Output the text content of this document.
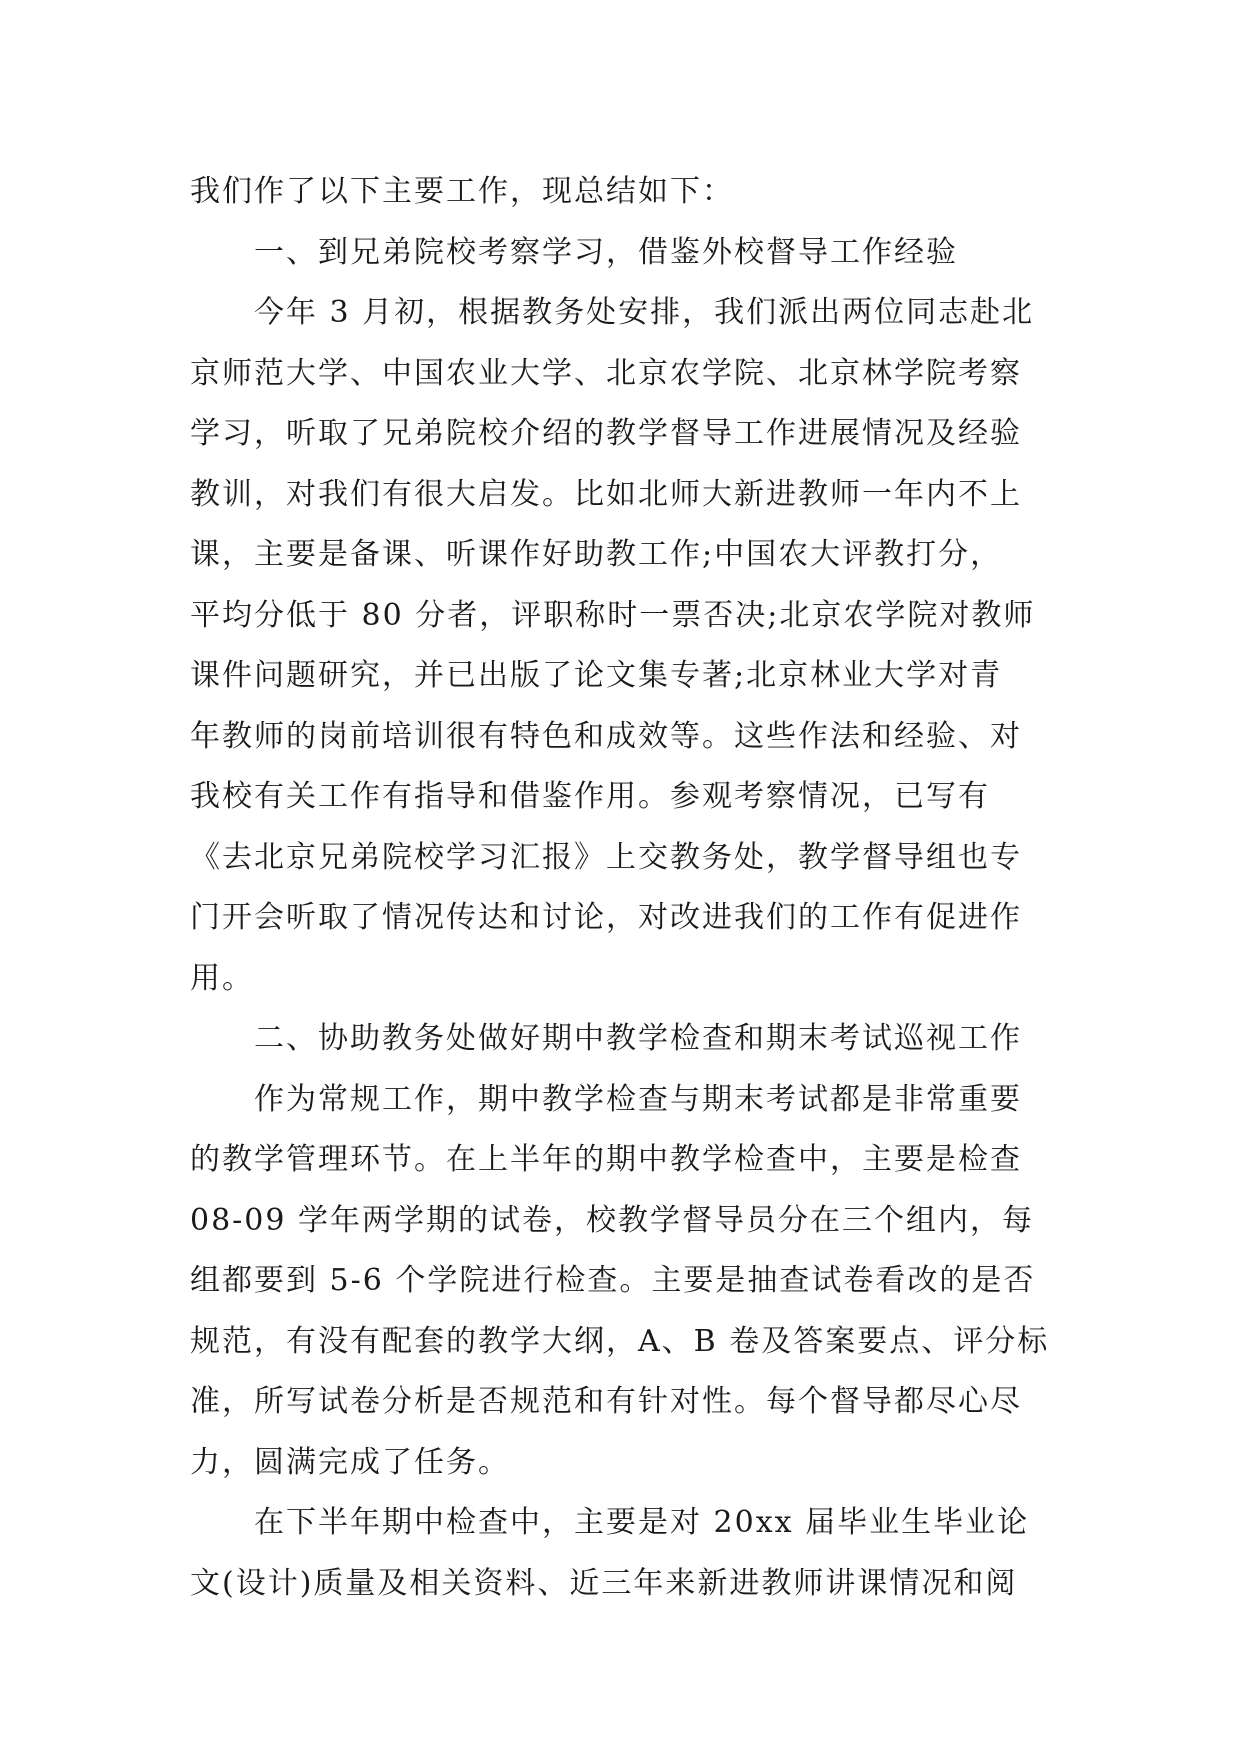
我们作了以下主要工作，现总结如下：
一、到兄弟院校考察学习，借鉴外校督导工作经验
今年 3 月初，根据教务处安排，我们派出两位同志赴北
京师范大学、中国农业大学、北京农学院、北京林学院考察
学习，听取了兄弟院校介绍的教学督导工作进展情况及经验
教训，对我们有很大启发。比如北师大新进教师一年内不上
课，主要是备课、听课作好助教工作;中国农大评教打分，
平均分低于 80 分者，评职称时一票否决;北京农学院对教师
课件问题研究，并已出版了论文集专著;北京林业大学对青
年教师的岗前培训很有特色和成效等。这些作法和经验、对
我校有关工作有指导和借鉴作用。参观考察情况，已写有
《去北京兄弟院校学习汇报》上交教务处，教学督导组也专
门开会听取了情况传达和讨论，对改进我们的工作有促进作
用。
二、协助教务处做好期中教学检查和期末考试巡视工作
作为常规工作，期中教学检查与期末考试都是非常重要
的教学管理环节。在上半年的期中教学检查中，主要是检查
08-09 学年两学期的试卷，校教学督导员分在三个组内，每
组都要到 5-6 个学院进行检查。主要是抽查试卷看改的是否
规范，有没有配套的教学大纲，A、B 卷及答案要点、评分标
准，所写试卷分析是否规范和有针对性。每个督导都尽心尽
力，圆满完成了任务。
在下半年期中检查中，主要是对 20xx 届毕业生毕业论
文(设计)质量及相关资料、近三年来新进教师讲课情况和阅
